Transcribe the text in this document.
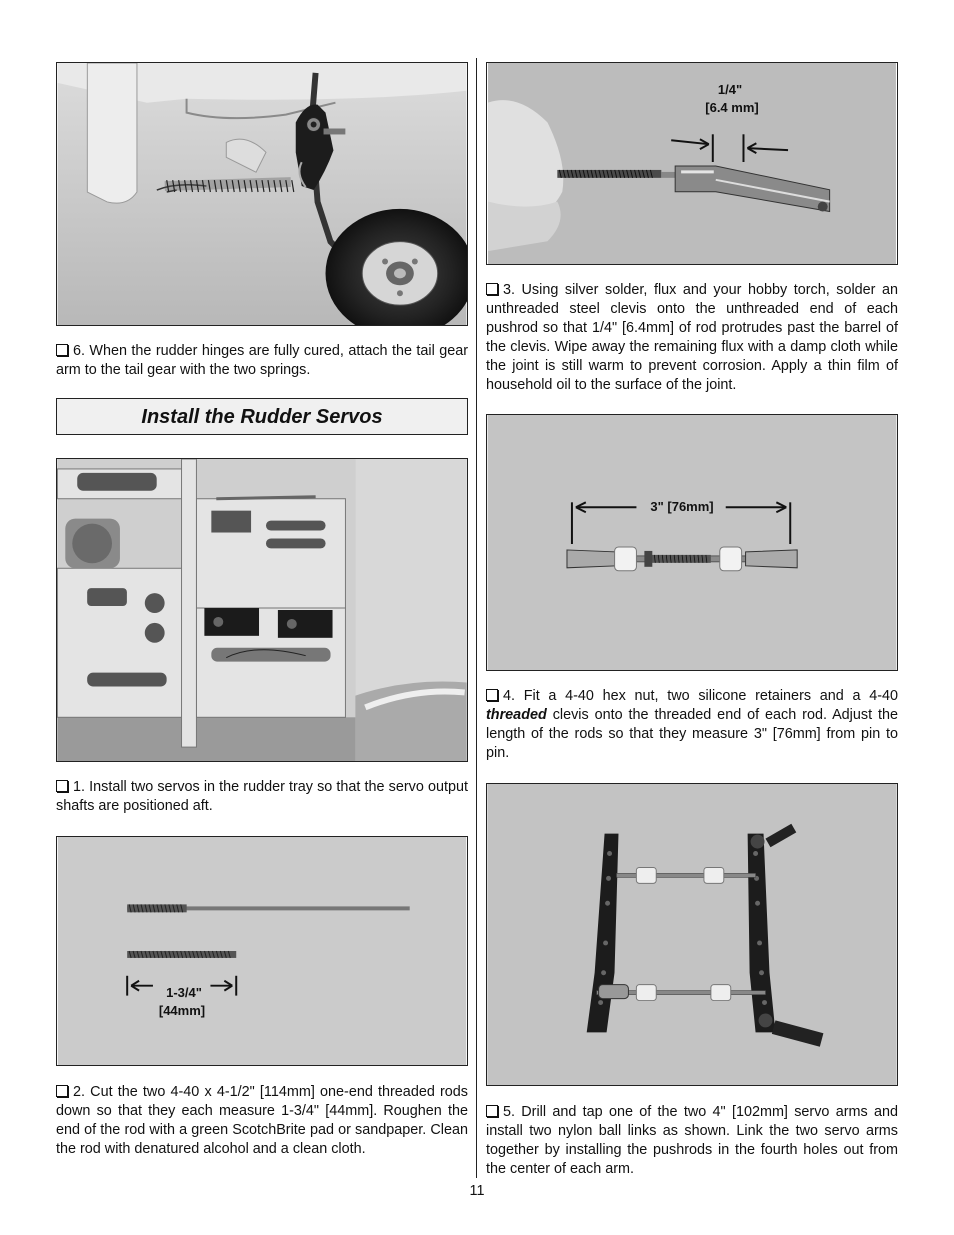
6. When the rudder hinges are fully cured, attach the tail gear arm to the tail gear with the two springs.
Install the Rudder Servos
1. Install two servos in the rudder tray so that the servo output shafts are positioned aft.
1-3/4"
[44mm]
2. Cut the two 4-40 x 4-1/2" [114mm] one-end threaded rods down so that they each measure 1-3/4" [44mm]. Roughen the end of the rod with a green ScotchBrite pad or sandpaper. Clean the rod with denatured alcohol and a clean cloth.
1/4"
[6.4 mm]
3. Using silver solder, flux and your hobby torch, solder an unthreaded steel clevis onto the unthreaded end of each pushrod so that 1/4" [6.4mm] of rod protrudes past the barrel of the clevis. Wipe away the remaining flux with a damp cloth while the joint is still warm to prevent corrosion. Apply a thin film of household oil to the surface of the joint.
3" [76mm]
4. Fit a 4-40 hex nut, two silicone retainers and a 4-40 threaded clevis onto the threaded end of each rod. Adjust the length of the rods so that they measure 3" [76mm] from pin to pin.
5. Drill and tap one of the two 4" [102mm] servo arms and install two nylon ball links as shown. Link the two servo arms together by installing the pushrods in the fourth holes out from the center of each arm.
11
